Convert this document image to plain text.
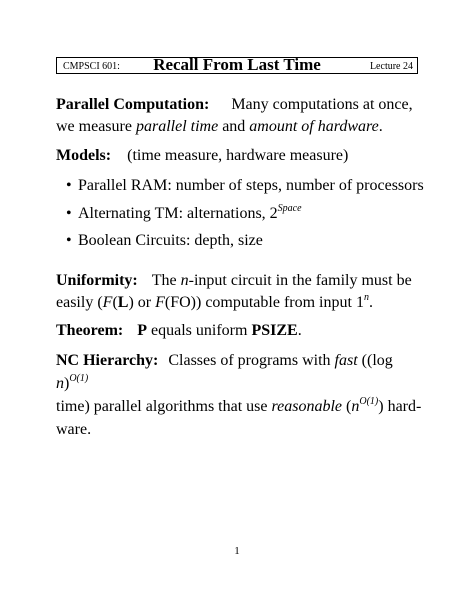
CMPSCI 601:	Recall From Last Time	Lecture 24
Parallel Computation: Many computations at once,
we measure parallel time and amount of hardware.
Models: (time measure, hardware measure)
• Parallel RAM: number of steps, number of processors
• Alternating TM: alternations, $2^{Space}$
• Boolean Circuits: depth, size
Uniformity: The n-input circuit in the family must be
easily (F(L) or F(FO)) computable from input 1$^n$.
Theorem: P equals uniform PSIZE.
NC Hierarchy: Classes of programs with fast ((log n)$^{O(1)}$
time) parallel algorithms that use reasonable $(n^{O(1)})$ hard-
ware.
1
